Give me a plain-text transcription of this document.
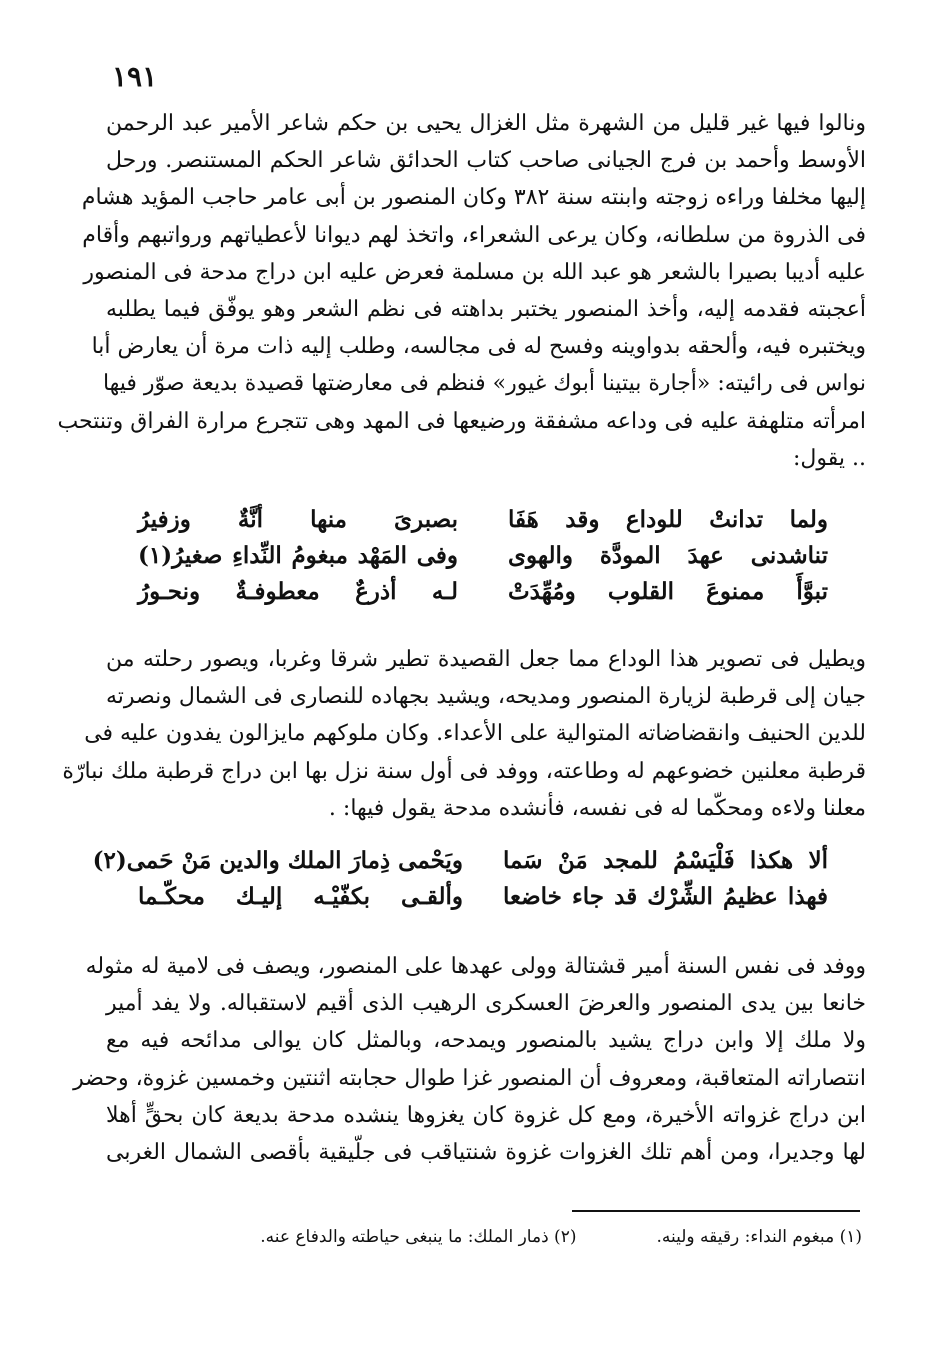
١٩١
ونالوا فيها غير قليل من الشهرة مثل الغزال يحيى بن حكم شاعر الأمير عبد الرحمن
الأوسط وأحمد بن فرج الجيانى صاحب كتاب الحدائق شاعر الحكم المستنصر. ورحل
إليها مخلفا وراءه زوجته وابنته سنة ٣٨٢ وكان المنصور بن أبى عامر حاجب المؤيد هشام
فى الذروة من سلطانه، وكان يرعى الشعراء، واتخذ لهم ديوانا لأعطياتهم ورواتبهم وأقام
عليه أديبا بصيرا بالشعر هو عبد الله بن مسلمة فعرض عليه ابن دراج مدحة فى المنصور
أعجبته فقدمه إليه، وأخذ المنصور يختبر بداهته فى نظم الشعر وهو يوفّق فيما يطلبه
ويختبره فيه، وألحقه بدواوينه وفسح له فى مجالسه، وطلب إليه ذات مرة أن يعارض أبا
نواس فى رائيته: «أجارة بيتينا أبوك غيور» فنظم فى معارضتها قصيدة بديعة صوّر فيها
امرأته متلهفة عليه فى وداعه مشفقة ورضيعها فى المهد وهى تتجرع مرارة الفراق وتنتحب
.. يقول:
ولما تدانتْ للوداع وقد هَفَا
بصبرىَ منها أنَّةٌ وزفيرُ
تناشدنى عهدَ المودَّة والهوى
وفى المَهْد مبغومُ النِّداءِ صغيرُ(١)
تبوَّأَ ممنوعَ القلوب ومُهِّدَتْ
لـه أذرعٌ معطوفـةٌ ونحـورُ
ويطيل فى تصوير هذا الوداع مما جعل القصيدة تطير شرقا وغربا، ويصور رحلته من
جيان إلى قرطبة لزيارة المنصور ومديحه، ويشيد بجهاده للنصارى فى الشمال ونصرته
للدين الحنيف وانقضاضاته المتوالية على الأعداء. وكان ملوكهم مايزالون يفدون عليه فى
قرطبة معلنين خضوعهم له وطاعته، ووفد فى أول سنة نزل بها ابن دراج قرطبة ملك نبارّة
معلنا ولاءه ومحكّما له فى نفسه، فأنشده مدحة يقول فيها: .
ألا هكذا فَلْيَسْمُ للمجد مَنْ سَما
ويَحْمى ذِمارَ الملك والدين مَنْ حَمى(٢)
فهذا عظيمُ الشِّرْك قد جاء خاضعا
وألقـى بكفّيْـه إليـك محكّـما
ووفد فى نفس السنة أمير قشتالة وولى عهدها على المنصور، ويصف فى لامية له مثوله
خانعا بين يدى المنصور والعرضَ العسكرى الرهيب الذى أقيم لاستقباله. ولا يفد أمير
ولا ملك إلا وابن دراج يشيد بالمنصور ويمدحه، وبالمثل كان يوالى مدائحه فيه مع
انتصاراته المتعاقبة، ومعروف أن المنصور غزا طوال حجابته اثنتين وخمسين غزوة، وحضر
ابن دراج غزواته الأخيرة، ومع كل غزوة كان يغزوها ينشده مدحة بديعة كان بحقٍّ أهلا
لها وجديرا، ومن أهم تلك الغزوات غزوة شنتياقب فى جلّيقية بأقصى الشمال الغربى
(١) مبغوم النداء: رقيقه ولينه.
(٢) ذمار الملك: ما ينبغى حياطته والدفاع عنه.
